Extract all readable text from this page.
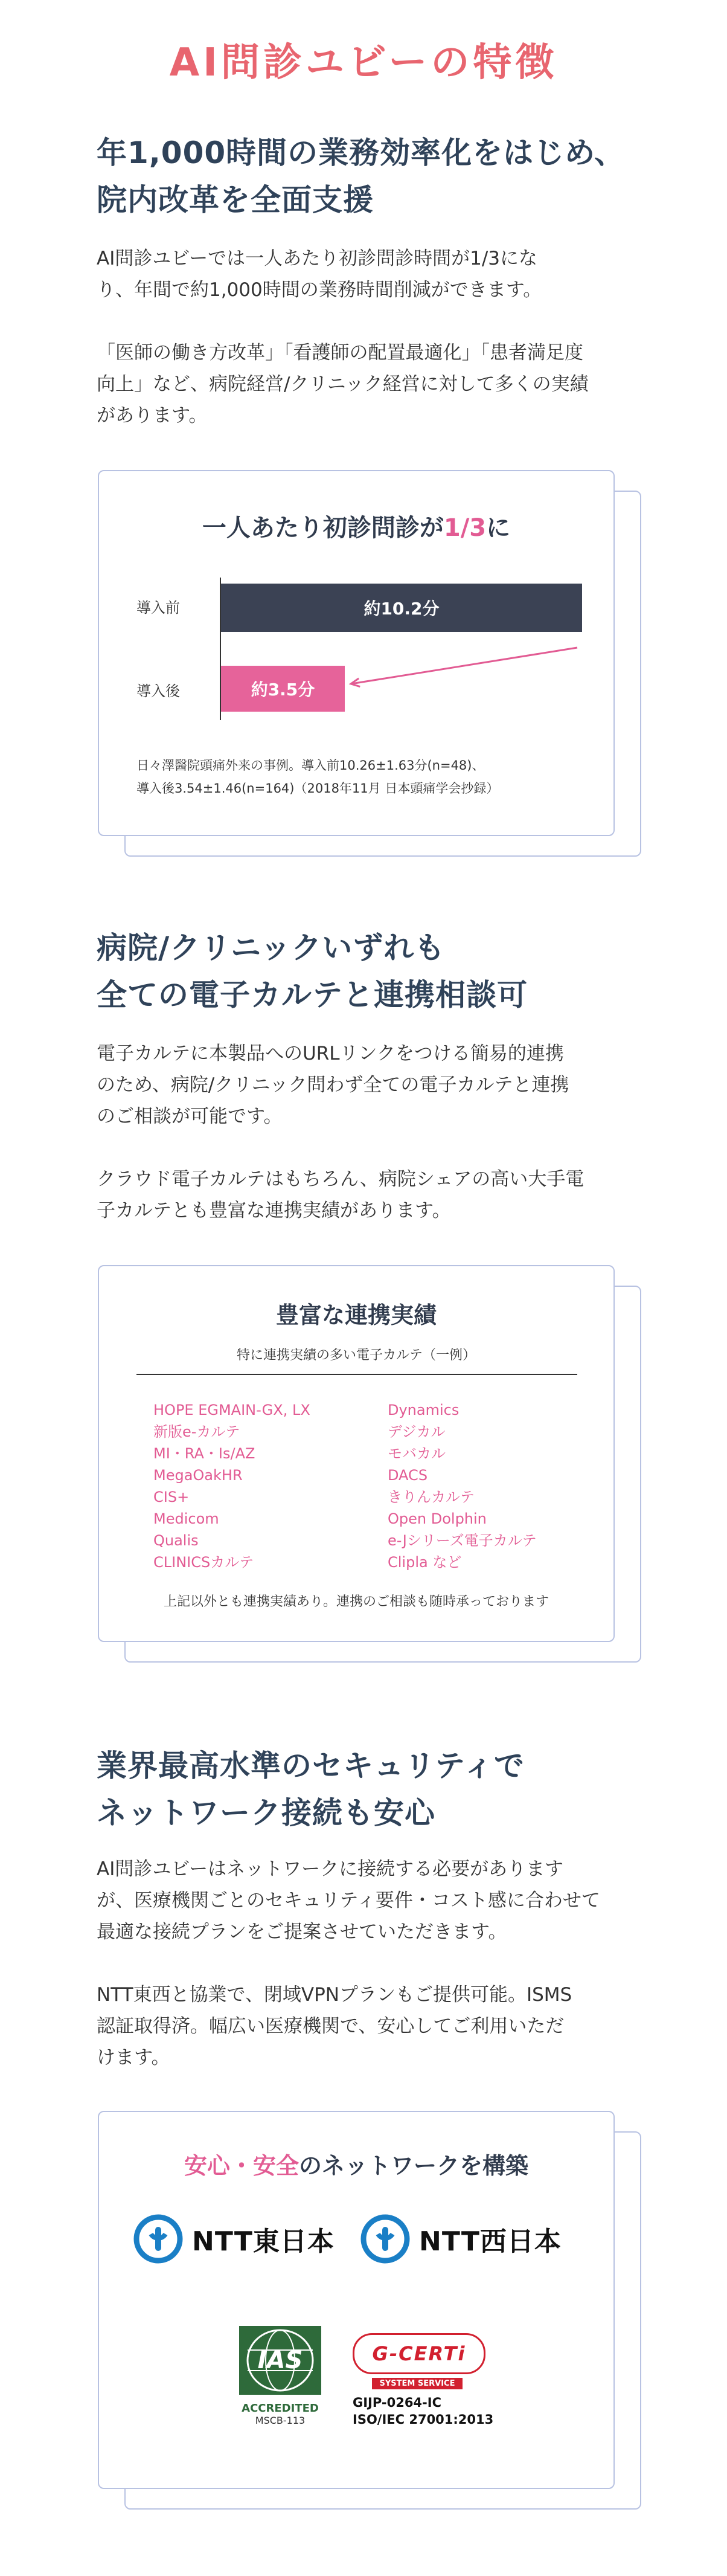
AI問診ユビーの特徴
年1,000時間の業務効率化をはじめ、
院内改革を全面支援
AI問診ユビーでは一人あたり初診問診時間が1/3にな
り、年間で約1,000時間の業務時間削減ができます。
「医師の働き方改革」「看護師の配置最適化」「患者満足度
向上」など、病院経営/クリニック経営に対して多くの実績
があります。
一人あたり初診問診が1/3に
導入前
導入後
約10.2分
約3.5分
日々澤醫院頭痛外来の事例。導入前10.26±1.63分(n=48)、
導入後3.54±1.46(n=164)（2018年11月 日本頭痛学会抄録）
病院/クリニックいずれも
全ての電子カルテと連携相談可
電子カルテに本製品へのURLリンクをつける簡易的連携
のため、病院/クリニック問わず全ての電子カルテと連携
のご相談が可能です。
クラウド電子カルテはもちろん、病院シェアの高い大手電
子カルテとも豊富な連携実績があります。
豊富な連携実績
特に連携実績の多い電子カルテ（一例）
HOPE EGMAIN-GX, LX
新版e-カルテ
MI・RA・Is/AZ
MegaOakHR
CIS+
Medicom
Qualis
CLINICSカルテ
Dynamics
デジカル
モバカル
DACS
きりんカルテ
Open Dolphin
e-Jシリーズ電子カルテ
Clipla など
上記以外とも連携実績あり。連携のご相談も随時承っております
業界最高水準のセキュリティで
ネットワーク接続も安心
AI問診ユビーはネットワークに接続する必要があります
が、医療機関ごとのセキュリティ要件・コスト感に合わせて
最適な接続プランをご提案させていただきます。
NTT東西と協業で、閉域VPNプランもご提供可能。ISMS
認証取得済。幅広い医療機関で、安心してご利用いただ
けます。
安心・安全のネットワークを構築
NTT東日本	NTT西日本
IAS
ACCREDITED
MSCB-113
G-CERTi
SYSTEM SERVICE
GIJP-0264-IC
ISO/IEC 27001:2013
